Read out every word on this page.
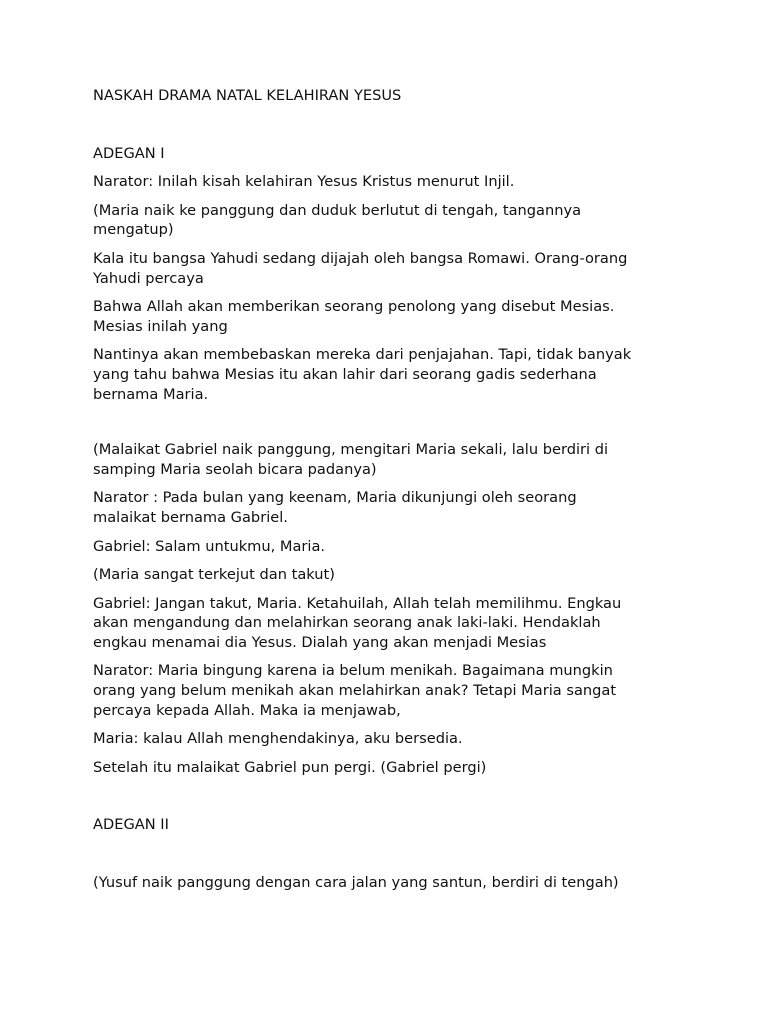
NASKAH DRAMA NATAL KELAHIRAN YESUS

ADEGAN I

Narator: Inilah kisah kelahiran Yesus Kristus menurut Injil.

(Maria naik ke panggung dan duduk berlutut di tengah, tangannya
mengatup)

Kala itu bangsa Yahudi sedang dijajah oleh bangsa Romawi. Orang-orang
Yahudi percaya

Bahwa Allah akan memberikan seorang penolong yang disebut Mesias.
Mesias inilah yang

Nantinya akan membebaskan mereka dari penjajahan. Tapi, tidak banyak
yang tahu bahwa Mesias itu akan lahir dari seorang gadis sederhana
bernama Maria.

(Malaikat Gabriel naik panggung, mengitari Maria sekali, lalu berdiri di
samping Maria seolah bicara padanya)

Narator : Pada bulan yang keenam, Maria dikunjungi oleh seorang
malaikat bernama Gabriel.

Gabriel: Salam untukmu, Maria.

(Maria sangat terkejut dan takut)

Gabriel: Jangan takut, Maria. Ketahuilah, Allah telah memilihmu. Engkau
akan mengandung dan melahirkan seorang anak laki-laki. Hendaklah
engkau menamai dia Yesus. Dialah yang akan menjadi Mesias

Narator: Maria bingung karena ia belum menikah. Bagaimana mungkin
orang yang belum menikah akan melahirkan anak? Tetapi Maria sangat
percaya kepada Allah. Maka ia menjawab,

Maria: kalau Allah menghendakinya, aku bersedia.

Setelah itu malaikat Gabriel pun pergi. (Gabriel pergi)

ADEGAN II

(Yusuf naik panggung dengan cara jalan yang santun, berdiri di tengah)
